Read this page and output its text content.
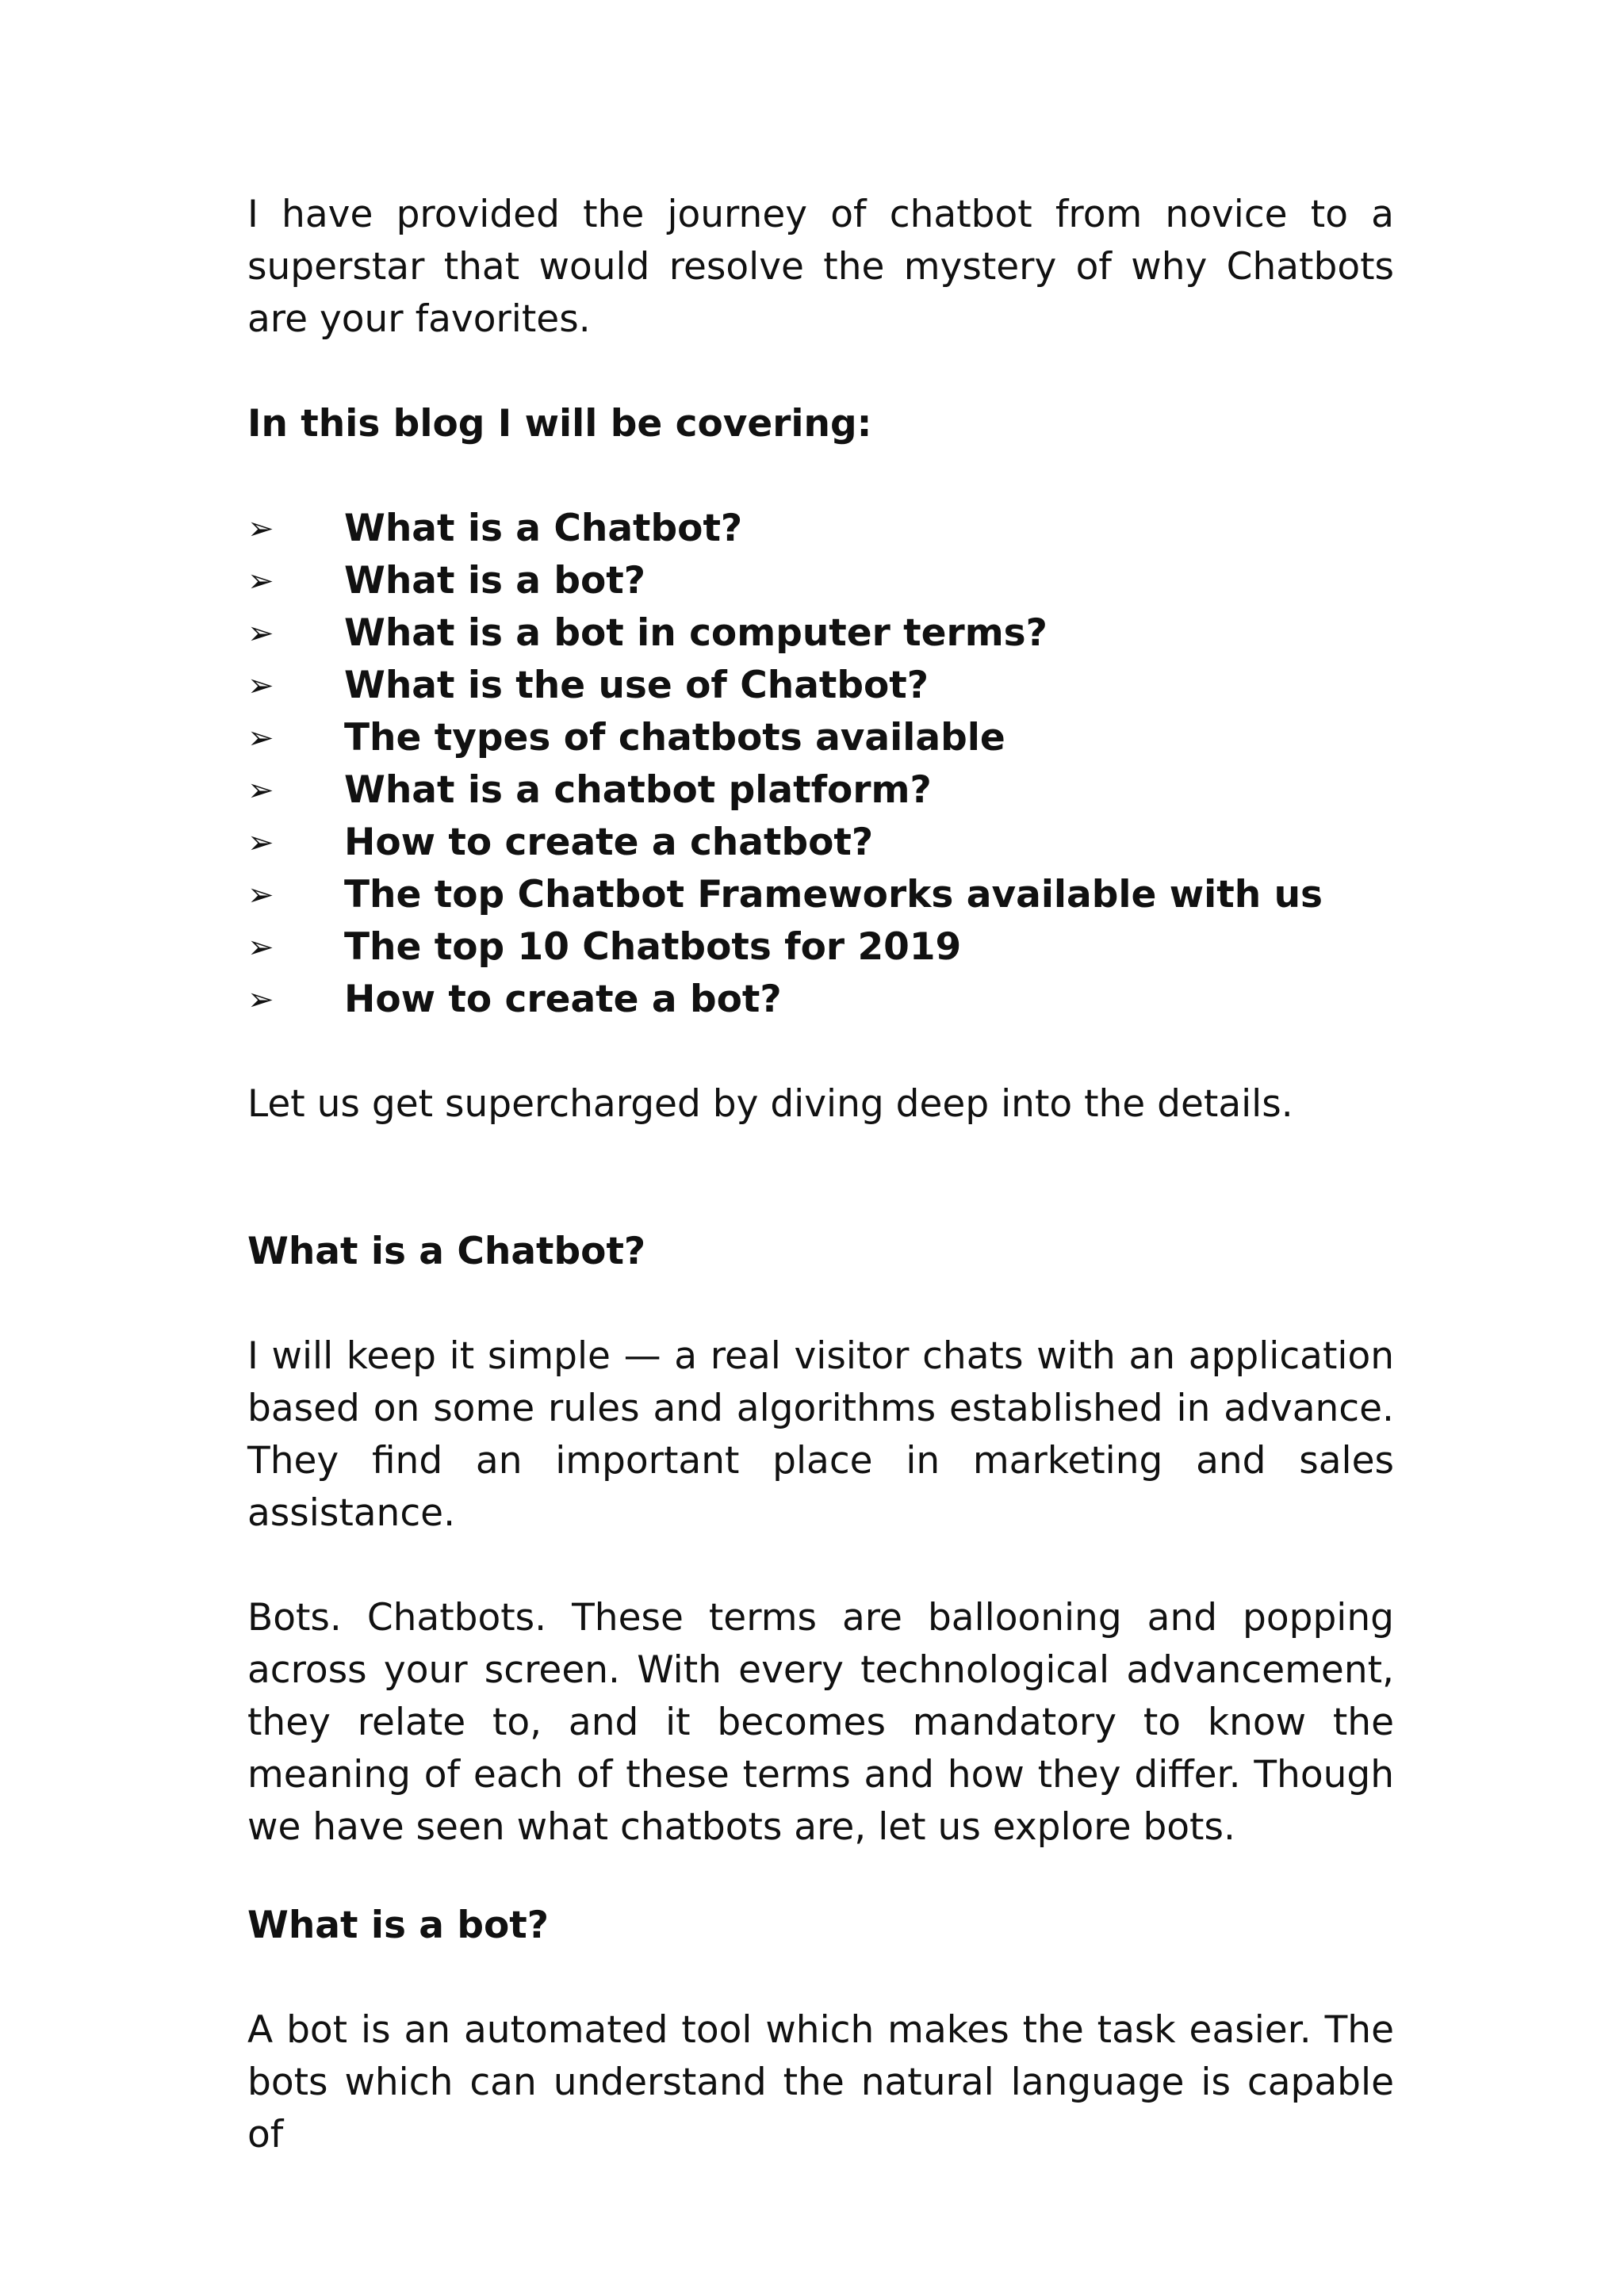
I have provided the journey of chatbot from novice to a superstar that would resolve the mystery of why Chatbots are your favorites.

In this blog I will be covering:

➢ What is a Chatbot?
➢ What is a bot?
➢ What is a bot in computer terms?
➢ What is the use of Chatbot?
➢ The types of chatbots available
➢ What is a chatbot platform?
➢ How to create a chatbot?
➢ The top Chatbot Frameworks available with us
➢ The top 10 Chatbots for 2019
➢ How to create a bot?

Let us get supercharged by diving deep into the details.

What is a Chatbot?

I will keep it simple — a real visitor chats with an application based on some rules and algorithms established in advance. They find an important place in marketing and sales assistance.

Bots. Chatbots. These terms are ballooning and popping across your screen. With every technological advancement, they relate to, and it becomes mandatory to know the meaning of each of these terms and how they differ. Though we have seen what chatbots are, let us explore bots.

What is a bot?

A bot is an automated tool which makes the task easier. The bots which can understand the natural language is capable of
